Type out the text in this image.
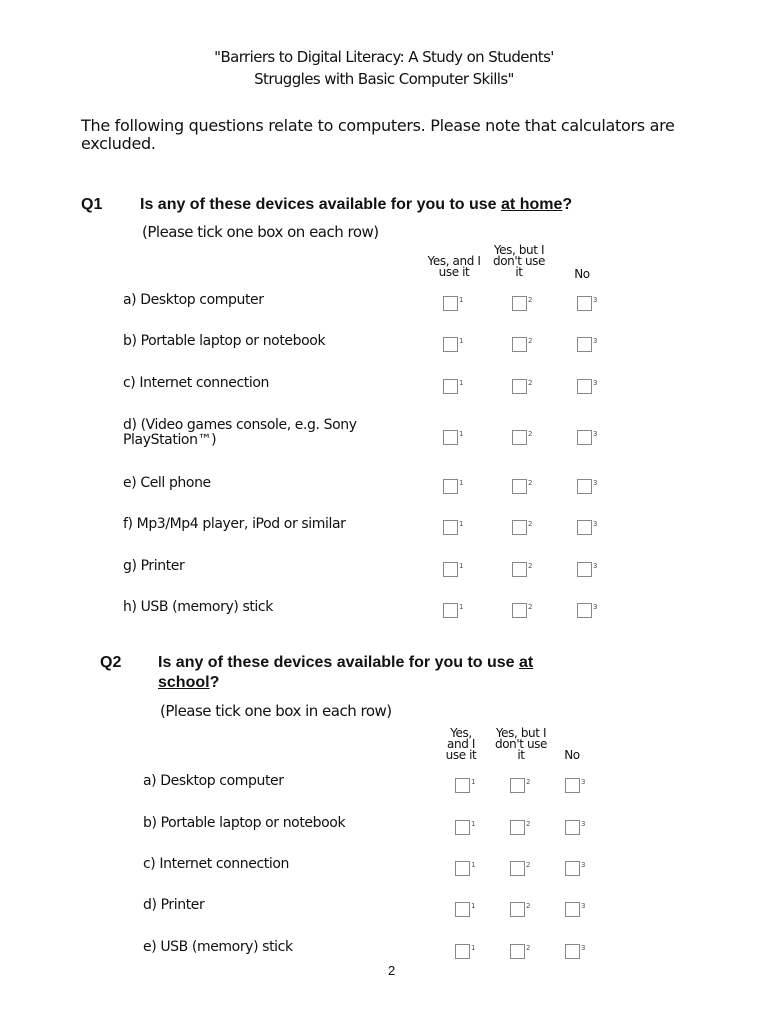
"Barriers to Digital Literacy: A Study on Students'
Struggles with Basic Computer Skills"
The following questions relate to computers. Please note that calculators are excluded.
Q1 Is any of these devices available for you to use at home?
(Please tick one box on each row)
Yes, and I use it
Yes, but I don't use it	No
a) Desktop computer	1	2	3
b) Portable laptop or notebook	1	2	3
c) Internet connection	1	2	3
d) (Video games console, e.g. Sony PlayStation™)	1	2	3
e) Cell phone	1	2	3
f) Mp3/Mp4 player, iPod or similar	1	2	3
g) Printer	1	2	3
h) USB (memory) stick	1	2	3
Q2 Is any of these devices available for you to use at
school?
(Please tick one box in each row)
Yes, and I use it
Yes, but I don't use it	No
a) Desktop computer	1	2	3
b) Portable laptop or notebook	1	2	3
c) Internet connection	1	2	3
d) Printer	1	2	3
e) USB (memory) stick	1	2	3
2
